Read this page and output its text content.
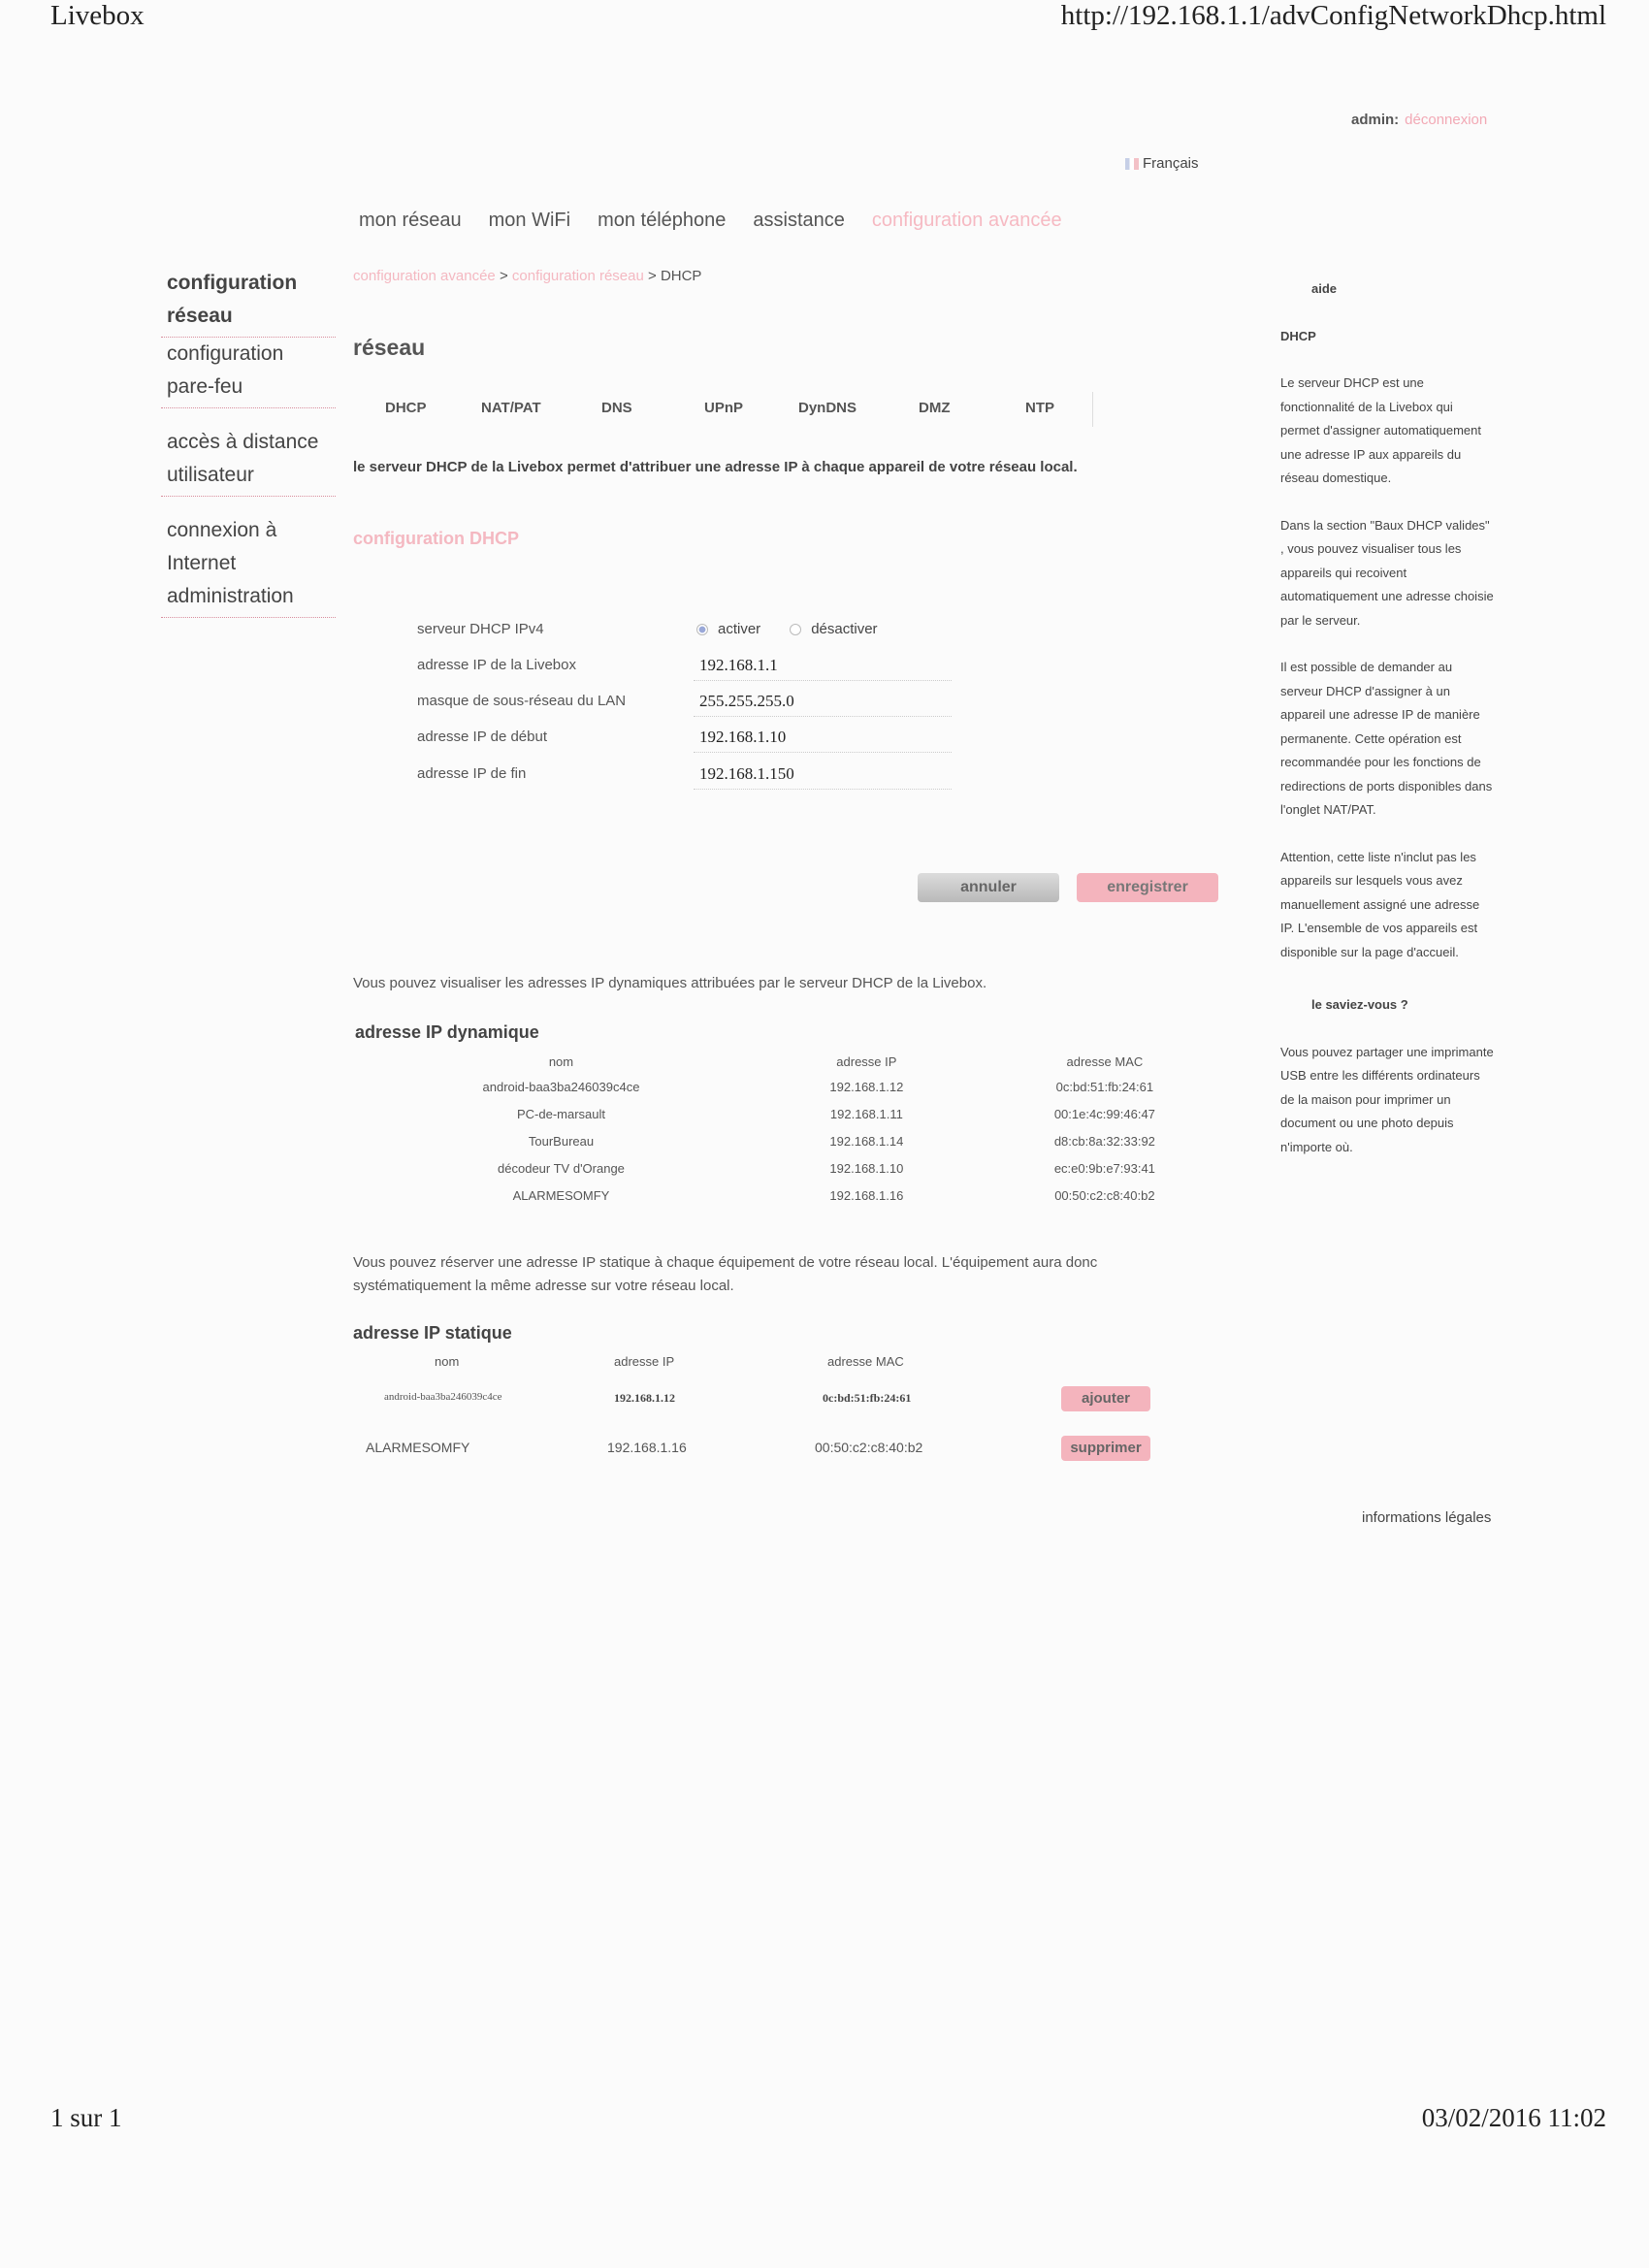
Livebox	http://192.168.1.1/advConfigNetworkDhcp.html
1 sur 1	03/02/2016 11:02
admin: déconnexion
Français
mon réseau mon WiFi mon téléphone assistance configuration avancée
configuration
réseau
configuration
pare-feu
accès à distance
utilisateur
connexion à
Internet
administration
configuration avancée > configuration réseau > DHCP
réseau
DHCP	NAT/PAT	DNS	UPnP	DynDNS	DMZ	NTP
le serveur DHCP de la Livebox permet d'attribuer une adresse IP à chaque appareil de votre réseau local.
configuration DHCP
serveur DHCP IPv4	activer	désactiver
adresse IP de la Livebox	192.168.1.1
masque de sous-réseau du LAN	255.255.255.0
adresse IP de début	192.168.1.10
adresse IP de fin	192.168.1.150
annuler	enregistrer
Vous pouvez visualiser les adresses IP dynamiques attribuées par le serveur DHCP de la Livebox.
adresse IP dynamique
nom	adresse IP	adresse MAC
android-baa3ba246039c4ce	192.168.1.12	0c:bd:51:fb:24:61
PC-de-marsault	192.168.1.11	00:1e:4c:99:46:47
TourBureau	192.168.1.14	d8:cb:8a:32:33:92
décodeur TV d'Orange	192.168.1.10	ec:e0:9b:e7:93:41
ALARMESOMFY	192.168.1.16	00:50:c2:c8:40:b2
Vous pouvez réserver une adresse IP statique à chaque équipement de votre réseau local. L'équipement aura donc systématiquement la même adresse sur votre réseau local.
adresse IP statique
nom	adresse IP	adresse MAC
android-baa3ba246039c4ce	192.168.1.12	0c:bd:51:fb:24:61	ajouter
ALARMESOMFY	192.168.1.16	00:50:c2:c8:40:b2	supprimer
aide
DHCP

Le serveur DHCP est une fonctionnalité de la Livebox qui permet d'assigner automatiquement une adresse IP aux appareils du réseau domestique.

Dans la section "Baux DHCP valides" , vous pouvez visualiser tous les appareils qui recoivent automatiquement une adresse choisie par le serveur.

Il est possible de demander au serveur DHCP d'assigner à un appareil une adresse IP de manière permanente. Cette opération est recommandée pour les fonctions de redirections de ports disponibles dans l'onglet NAT/PAT.

Attention, cette liste n'inclut pas les appareils sur lesquels vous avez manuellement assigné une adresse IP. L'ensemble de vos appareils est disponible sur la page d'accueil.

le saviez-vous ?

Vous pouvez partager une imprimante USB entre les différents ordinateurs de la maison pour imprimer un document ou une photo depuis n'importe où.

informations légales
